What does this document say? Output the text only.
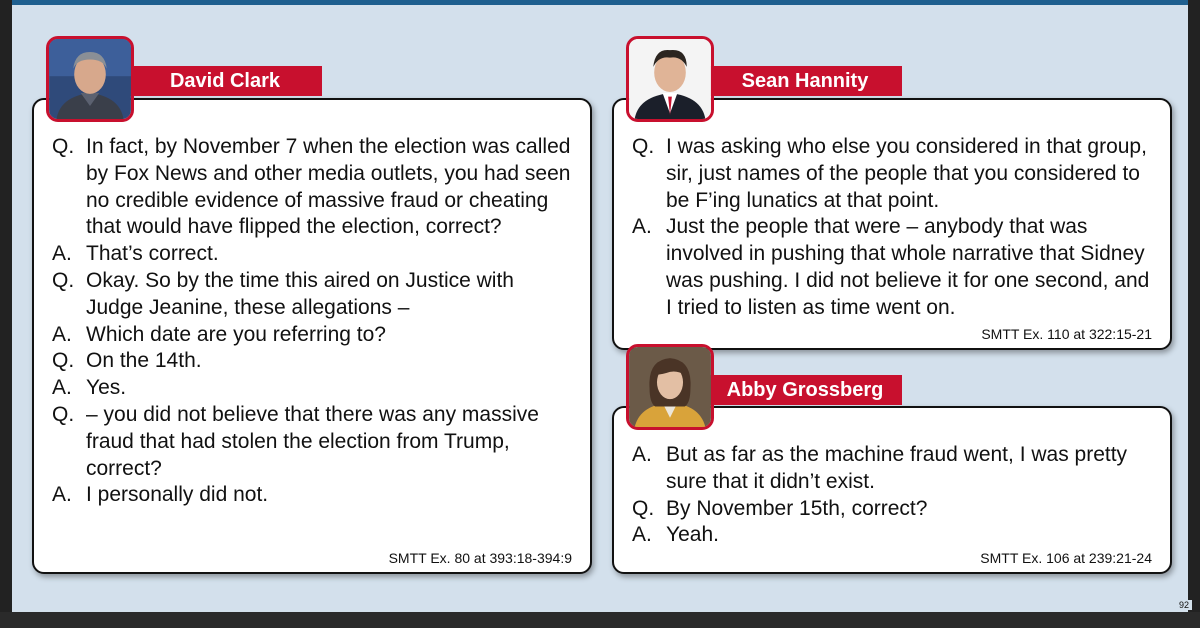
92
Q. In fact, by November 7 when the election was called by Fox News and other media outlets, you had seen no credible evidence of massive fraud or cheating that would have flipped the election, correct?
A. That’s correct.
Q. Okay. So by the time this aired on Justice with Judge Jeanine, these allegations –
A. Which date are you referring to?
Q. On the 14th.
A. Yes.
Q. – you did not believe that there was any massive fraud that had stolen the election from Trump, correct?
A. I personally did not.
SMTT Ex. 80 at 393:18-394:9
David Clark
Q. I was asking who else you considered in that group, sir, just names of the people that you considered to be F’ing lunatics at that point.
A. Just the people that were – anybody that was involved in pushing that whole narrative that Sidney was pushing. I did not believe it for one second, and I tried to listen as time went on.
SMTT Ex. 110 at 322:15-21
Sean Hannity
A. But as far as the machine fraud went, I was pretty sure that it didn’t exist.
Q. By November 15th, correct?
A. Yeah.
SMTT Ex. 106 at 239:21-24
Abby Grossberg
